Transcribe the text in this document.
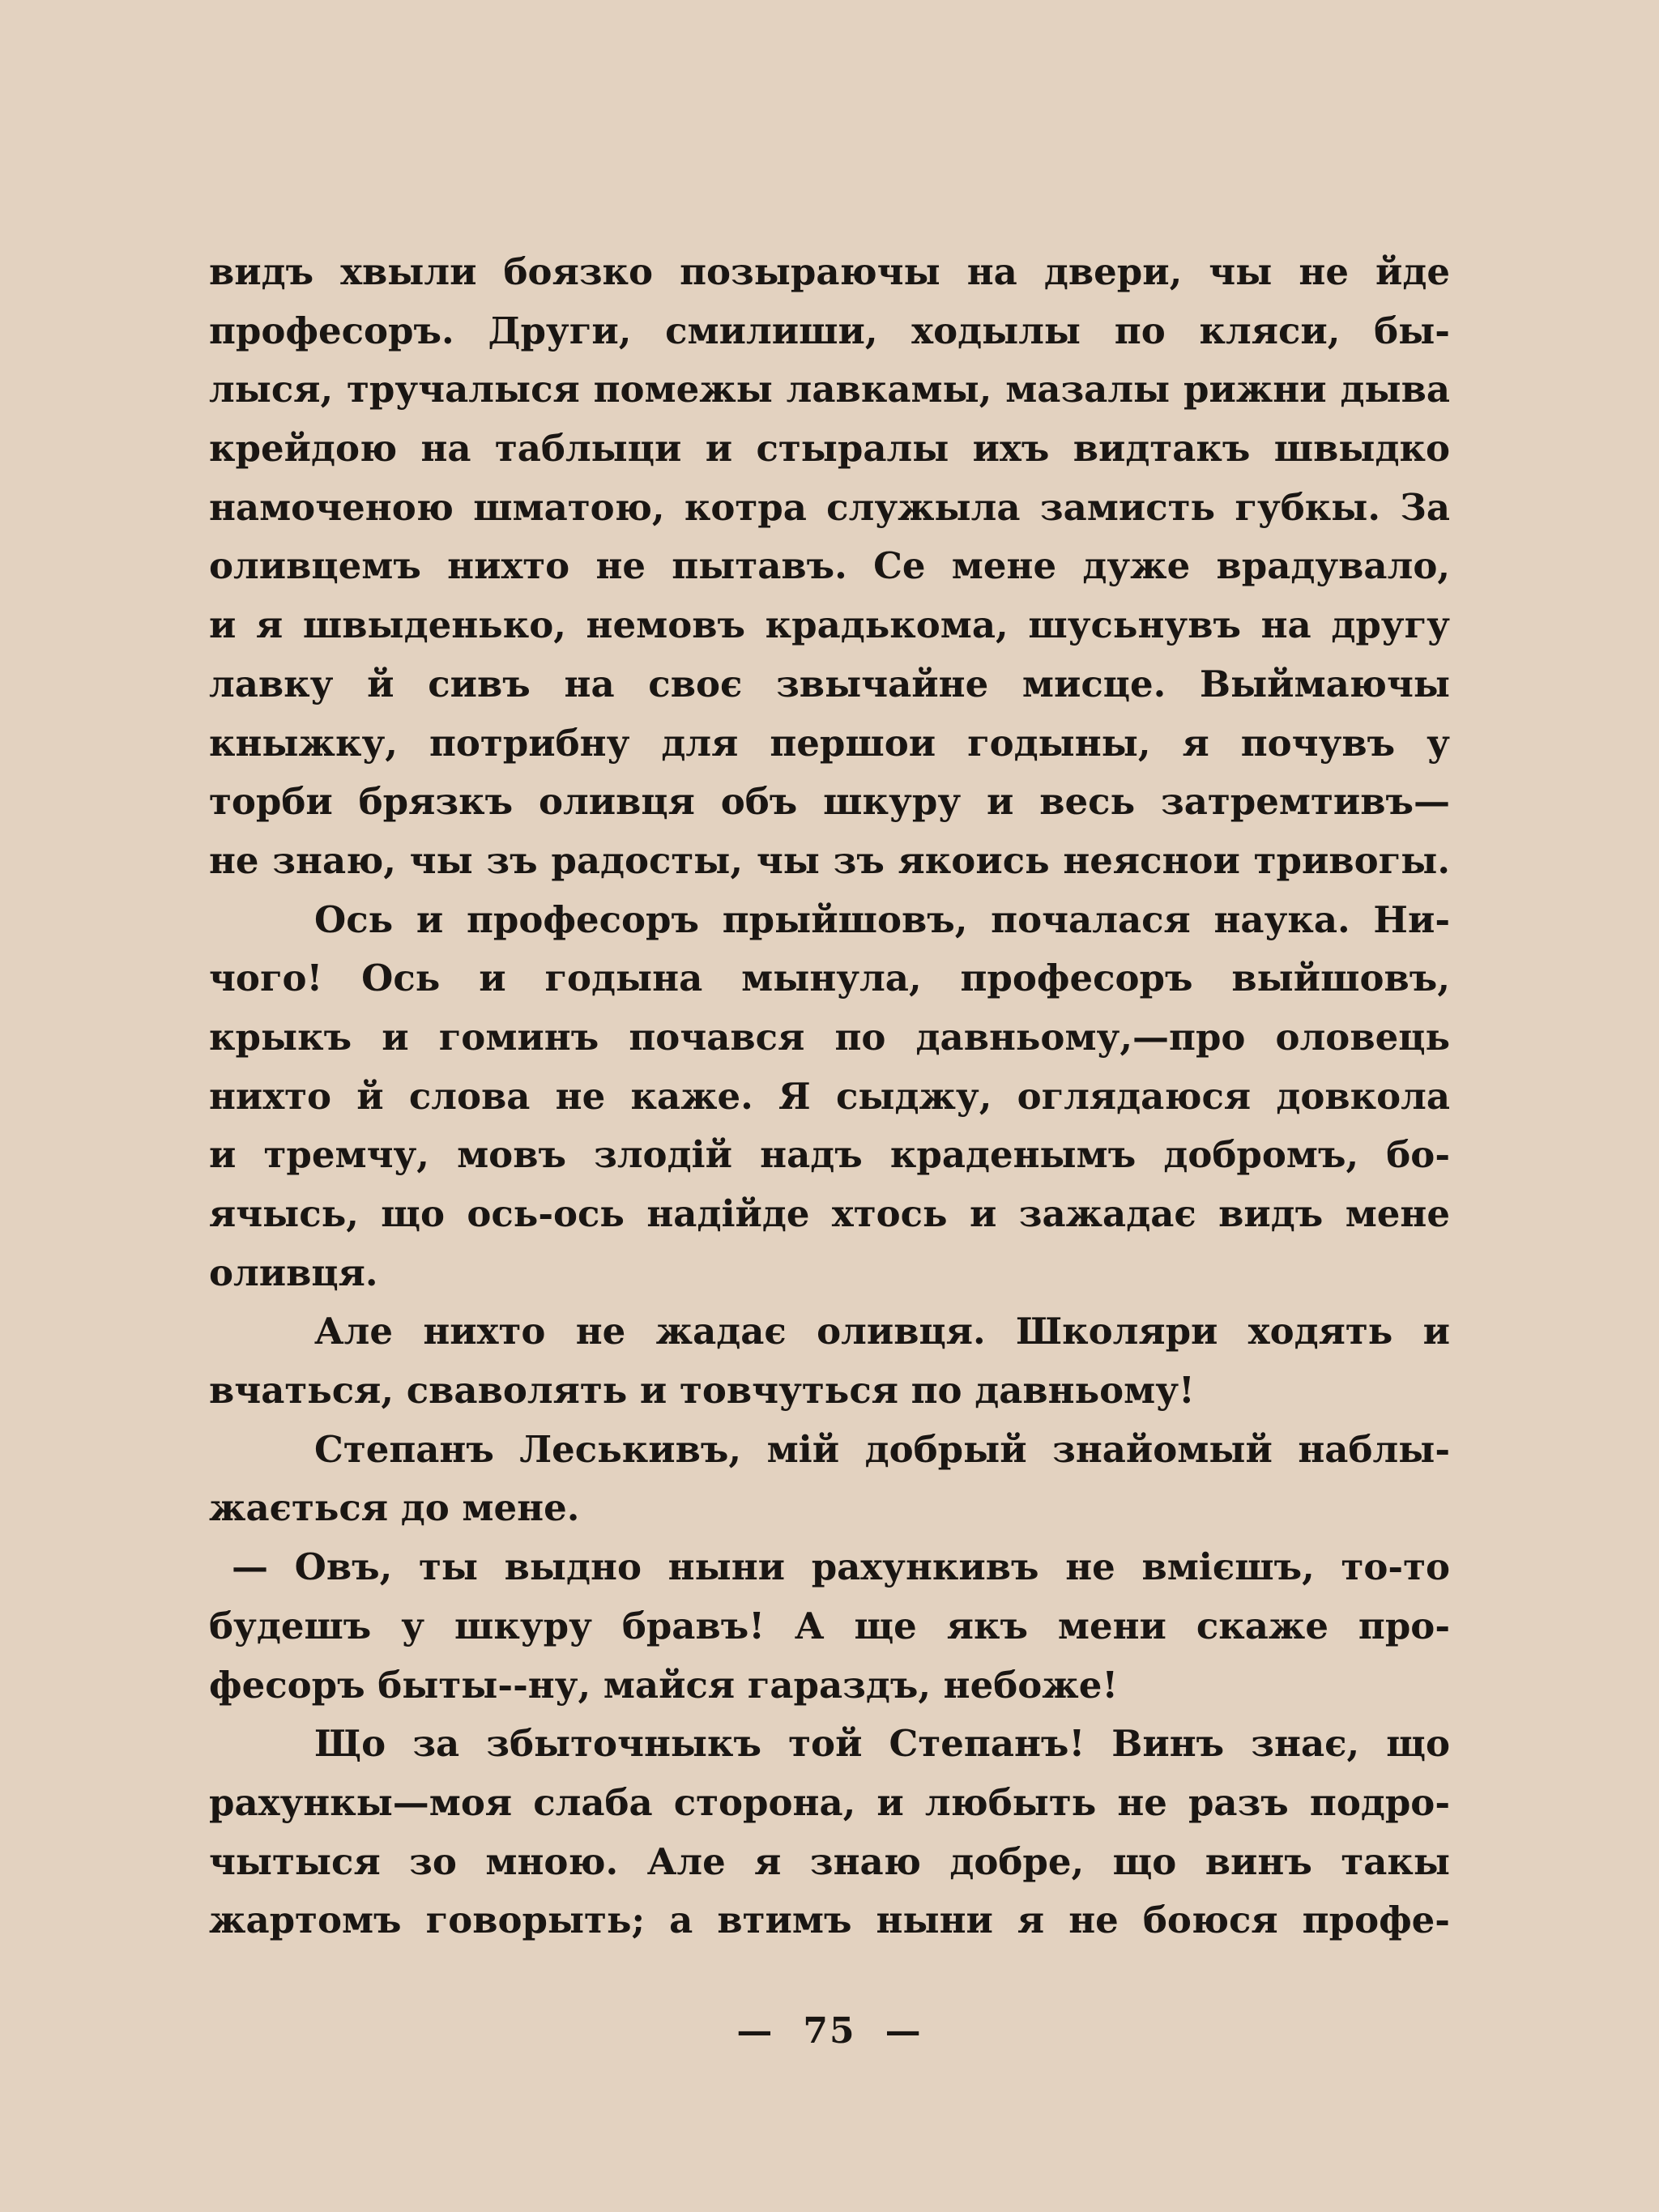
видъ хвыли боязко позыраючы на двери, чы не йде
професоръ. Други, смилиши, ходылы по кляси, бы-
лыся, тручалыся помежы лавкамы, мазалы рижни дыва
крейдою на таблыци и стыралы ихъ видтакъ швыдко
намоченою шматою, котра служыла замисть губкы. За
оливцемъ нихто не пытавъ. Се мене дуже врадувало,
и я швыденько, немовъ крадькома, шусьнувъ на другу
лавку й сивъ на своє звычайне мисце. Выймаючы
кныжку, потрибну для першои годыны, я почувъ у
торби брязкъ оливця объ шкуру и весь затремтивъ—
не знаю, чы зъ радосты, чы зъ якоись неяснои тривогы.
Ось и професоръ прыйшовъ, почалася наука. Ни-
чого! Ось и годына мынула, професоръ выйшовъ,
крыкъ и гоминъ почався по давньому,—про оловець
нихто й слова не каже. Я сыджу, оглядаюся довкола
и тремчу, мовъ злодій надъ краденымъ добромъ, бо-
ячысь, що ось-ось надійде хтось и зажадає видъ мене
оливця.
Але нихто не жадає оливця. Школяри ходять и
вчаться, сваволять и товчуться по давньому!
Степанъ Леськивъ, мій добрый знайомый наблы-
жається до мене.
— Овъ, ты выдно ныни рахункивъ не вмієшъ, то-то
будешъ у шкуру бравъ! А ще якъ мени скаже про-
фесоръ быты--ну, майся гараздъ, небоже!
Що за збыточныкъ той Степанъ! Винъ знає, що
рахункы—моя слаба сторона, и любыть не разъ подро-
чытыся зо мною. Але я знаю добре, що винъ такы
жартомъ говорыть; а втимъ ныни я не боюся профе-
— 75 —
